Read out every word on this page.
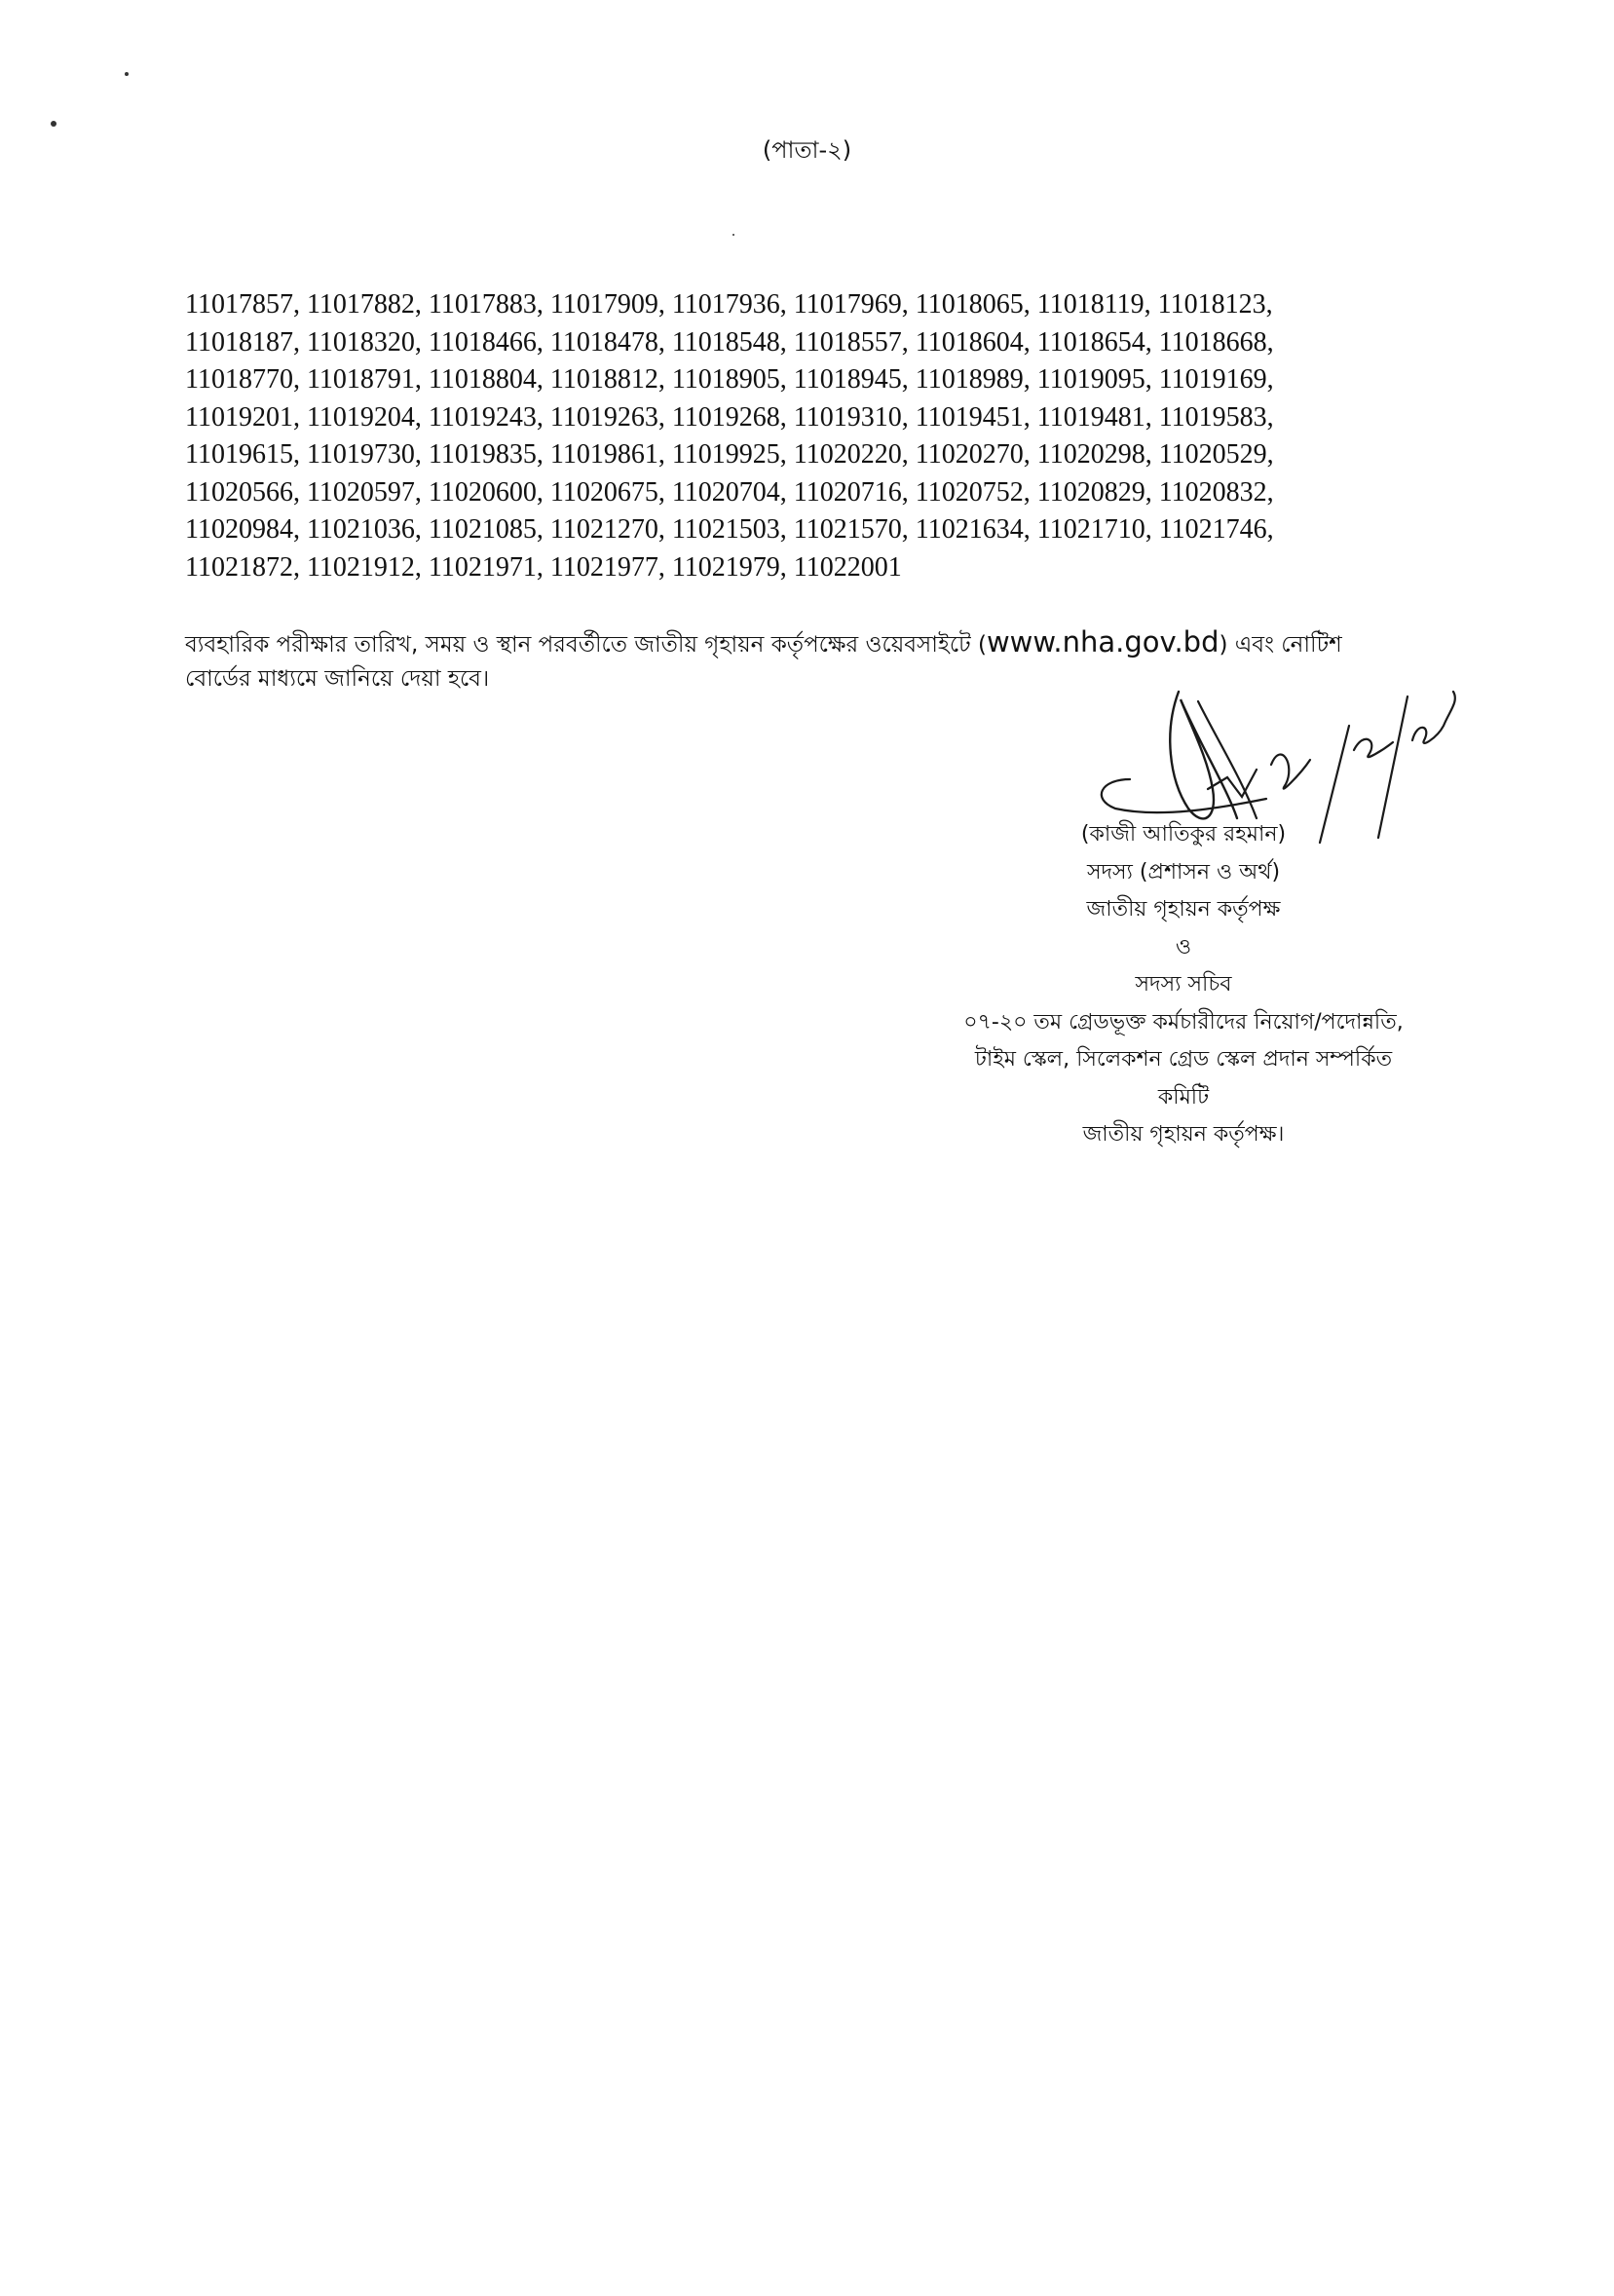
(পাতা-২)
11017857, 11017882, 11017883, 11017909, 11017936, 11017969, 11018065, 11018119, 11018123,
11018187, 11018320, 11018466, 11018478, 11018548, 11018557, 11018604, 11018654, 11018668,
11018770, 11018791, 11018804, 11018812, 11018905, 11018945, 11018989, 11019095, 11019169,
11019201, 11019204, 11019243, 11019263, 11019268, 11019310, 11019451, 11019481, 11019583,
11019615, 11019730, 11019835, 11019861, 11019925, 11020220, 11020270, 11020298, 11020529,
11020566, 11020597, 11020600, 11020675, 11020704, 11020716, 11020752, 11020829, 11020832,
11020984, 11021036, 11021085, 11021270, 11021503, 11021570, 11021634, 11021710, 11021746,
11021872, 11021912, 11021971, 11021977, 11021979, 11022001
ব্যবহারিক পরীক্ষার তারিখ, সময় ও স্থান পরবর্তীতে জাতীয় গৃহায়ন কর্তৃপক্ষের ওয়েবসাইটে (www.nha.gov.bd) এবং নোটিশ
বোর্ডের মাধ্যমে জানিয়ে দেয়া হবে।
(কাজী আতিকুর রহমান)
সদস্য (প্রশাসন ও অর্থ)
জাতীয় গৃহায়ন কর্তৃপক্ষ
ও
সদস্য সচিব
০৭-২০ তম গ্রেডভূক্ত কর্মচারীদের নিয়োগ/পদোন্নতি,
টাইম স্কেল, সিলেকশন গ্রেড স্কেল প্রদান সম্পর্কিত
কমিটি
জাতীয় গৃহায়ন কর্তৃপক্ষ।
